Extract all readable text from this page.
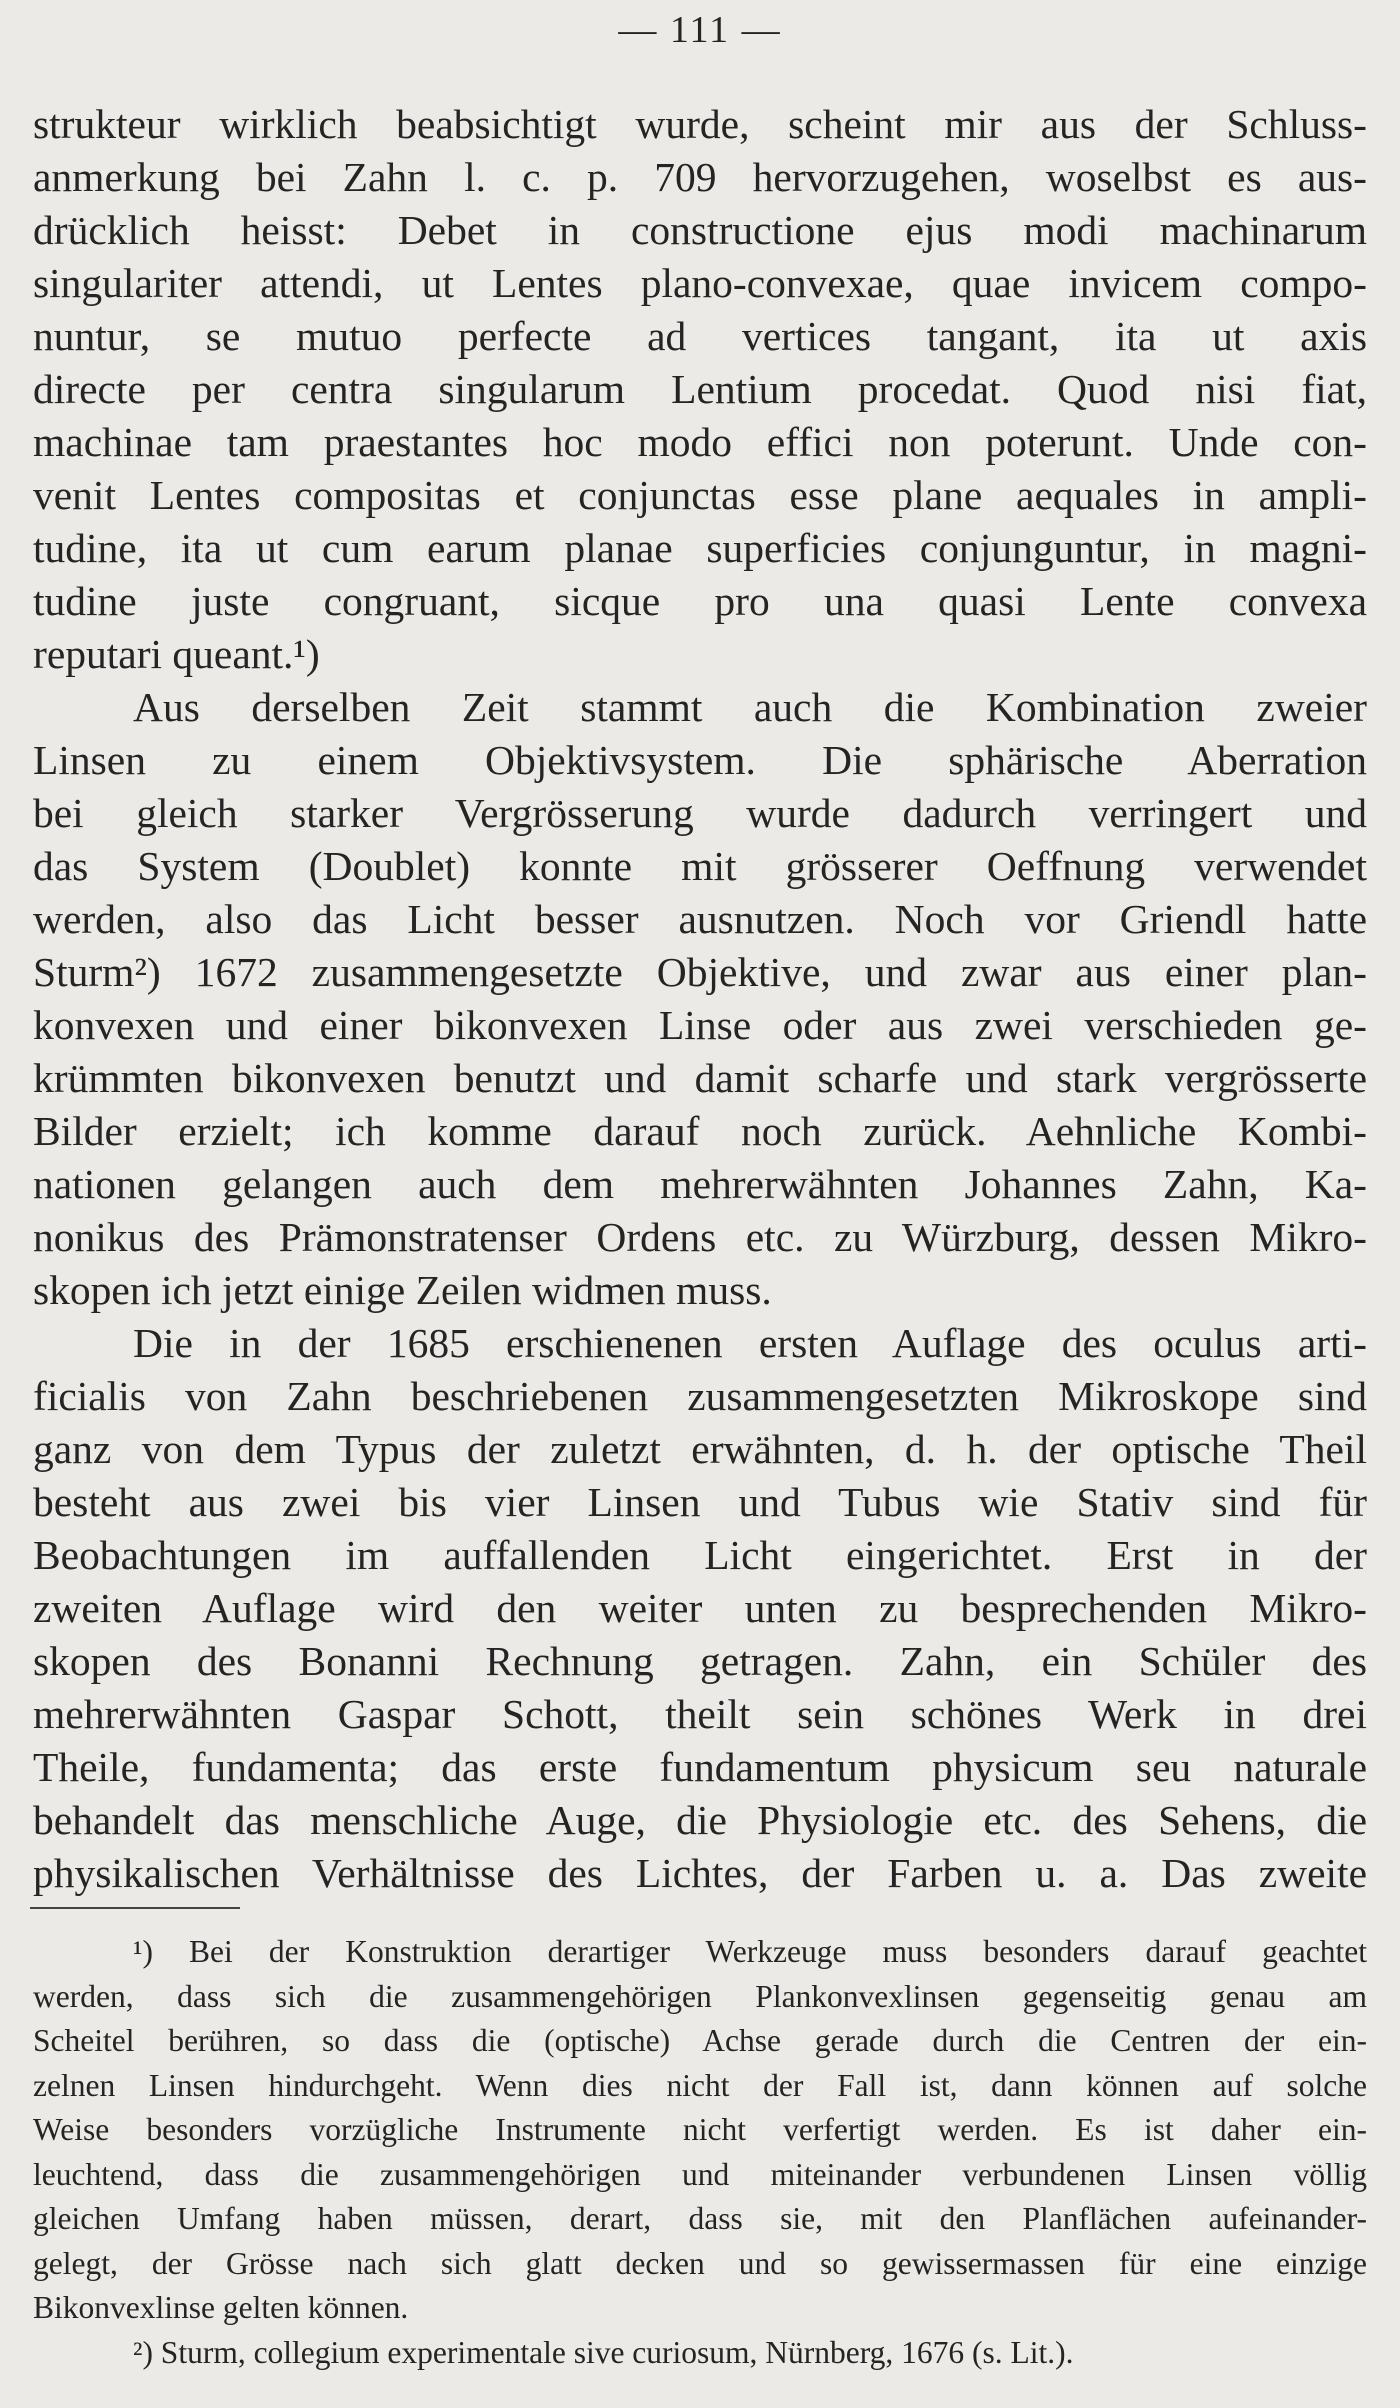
— 111 —

strukteur wirklich beabsichtigt wurde, scheint mir aus der Schluss-

anmerkung bei Zahn l. c. p. 709 hervorzugehen, woselbst es aus-

drücklich heisst: Debet in constructione ejus modi machinarum

singulariter attendi, ut Lentes plano-convexae, quae invicem compo-

nuntur, se mutuo perfecte ad vertices tangant, ita ut axis

directe per centra singularum Lentium procedat. Quod nisi fiat,

machinae tam praestantes hoc modo effici non poterunt. Unde con-

venit Lentes compositas et conjunctas esse plane aequales in ampli-

tudine, ita ut cum earum planae superficies conjunguntur, in magni-

tudine juste congruant, sicque pro una quasi Lente convexa

reputari queant.¹)

Aus derselben Zeit stammt auch die Kombination zweier

Linsen zu einem Objektivsystem. Die sphärische Aberration

bei gleich starker Vergrösserung wurde dadurch verringert und

das System (Doublet) konnte mit grösserer Oeffnung verwendet

werden, also das Licht besser ausnutzen. Noch vor Griendl hatte

Sturm²) 1672 zusammengesetzte Objektive, und zwar aus einer plan-

konvexen und einer bikonvexen Linse oder aus zwei verschieden ge-

krümmten bikonvexen benutzt und damit scharfe und stark vergrösserte

Bilder erzielt; ich komme darauf noch zurück. Aehnliche Kombi-

nationen gelangen auch dem mehrerwähnten Johannes Zahn, Ka-

nonikus des Prämonstratenser Ordens etc. zu Würzburg, dessen Mikro-

skopen ich jetzt einige Zeilen widmen muss.

Die in der 1685 erschienenen ersten Auflage des oculus arti-

ficialis von Zahn beschriebenen zusammengesetzten Mikroskope sind

ganz von dem Typus der zuletzt erwähnten, d. h. der optische Theil

besteht aus zwei bis vier Linsen und Tubus wie Stativ sind für

Beobachtungen im auffallenden Licht eingerichtet. Erst in der

zweiten Auflage wird den weiter unten zu besprechenden Mikro-

skopen des Bonanni Rechnung getragen. Zahn, ein Schüler des

mehrerwähnten Gaspar Schott, theilt sein schönes Werk in drei

Theile, fundamenta; das erste fundamentum physicum seu naturale

behandelt das menschliche Auge, die Physiologie etc. des Sehens, die

physikalischen Verhältnisse des Lichtes, der Farben u. a. Das zweite

¹) Bei der Konstruktion derartiger Werkzeuge muss besonders darauf geachtet

werden, dass sich die zusammengehörigen Plankonvexlinsen gegenseitig genau am

Scheitel berühren, so dass die (optische) Achse gerade durch die Centren der ein-

zelnen Linsen hindurchgeht. Wenn dies nicht der Fall ist, dann können auf solche

Weise besonders vorzügliche Instrumente nicht verfertigt werden. Es ist daher ein-

leuchtend, dass die zusammengehörigen und miteinander verbundenen Linsen völlig

gleichen Umfang haben müssen, derart, dass sie, mit den Planflächen aufeinander-

gelegt, der Grösse nach sich glatt decken und so gewissermassen für eine einzige

Bikonvexlinse gelten können.

²) Sturm, collegium experimentale sive curiosum, Nürnberg, 1676 (s. Lit.).
